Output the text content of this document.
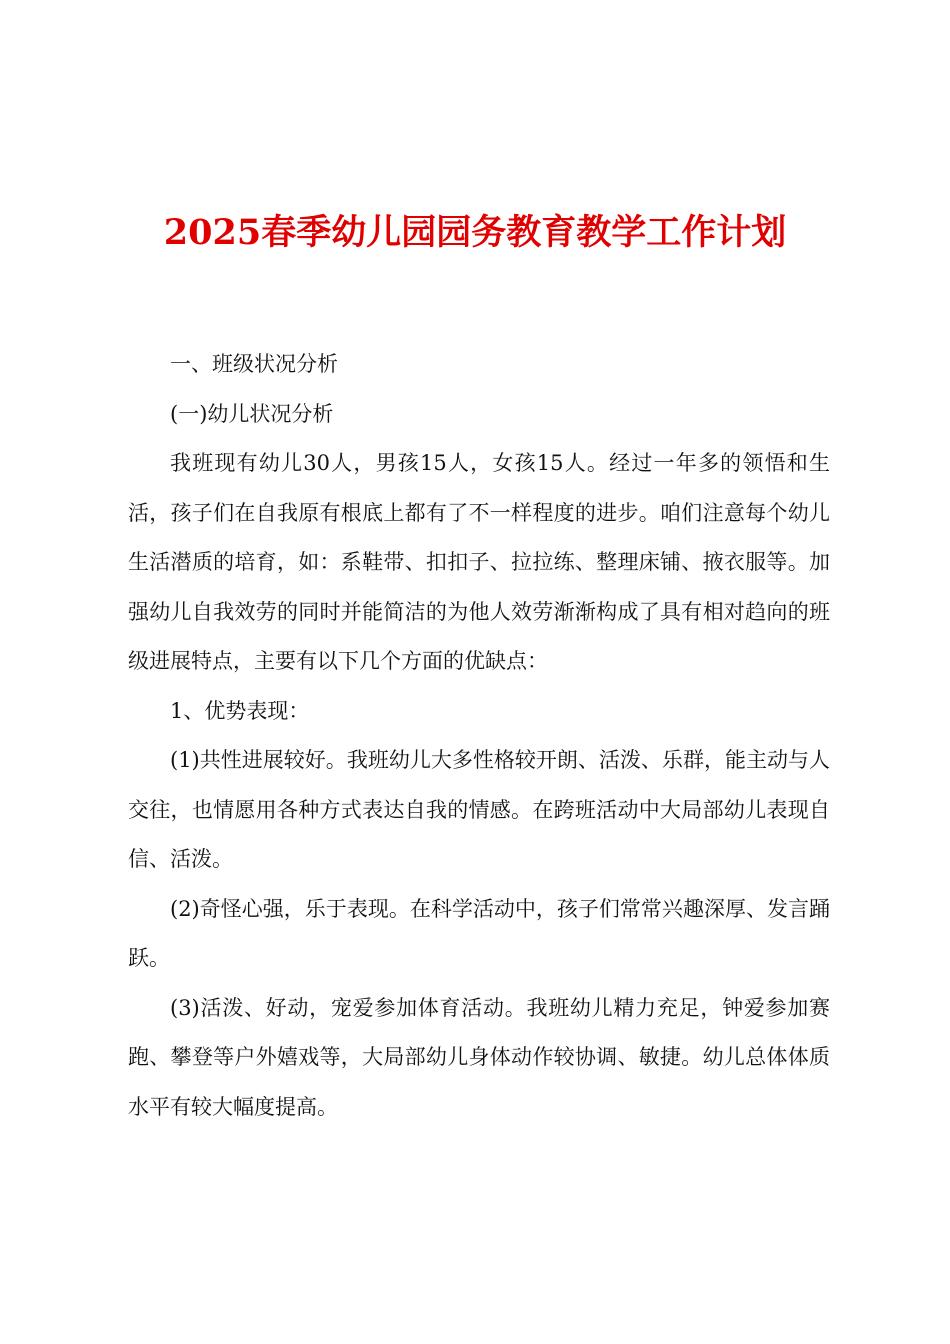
2025春季幼儿园园务教育教学工作计划

一、班级状况分析

(一)幼儿状况分析

我班现有幼儿30人，男孩15人，女孩15人。经过一年多的领悟和生活，孩子们在自我原有根底上都有了不一样程度的进步。咱们注意每个幼儿生活潜质的培育，如：系鞋带、扣扣子、拉拉练、整理床铺、掖衣服等。加强幼儿自我效劳的同时并能简洁的为他人效劳渐渐构成了具有相对趋向的班级进展特点，主要有以下几个方面的优缺点：

1、优势表现：

(1)共性进展较好。我班幼儿大多性格较开朗、活泼、乐群，能主动与人交往，也情愿用各种方式表达自我的情感。在跨班活动中大局部幼儿表现自信、活泼。

(2)奇怪心强，乐于表现。在科学活动中，孩子们常常兴趣深厚、发言踊跃。

(3)活泼、好动，宠爱参加体育活动。我班幼儿精力充足，钟爱参加赛跑、攀登等户外嬉戏等，大局部幼儿身体动作较协调、敏捷。幼儿总体体质水平有较大幅度提高。
